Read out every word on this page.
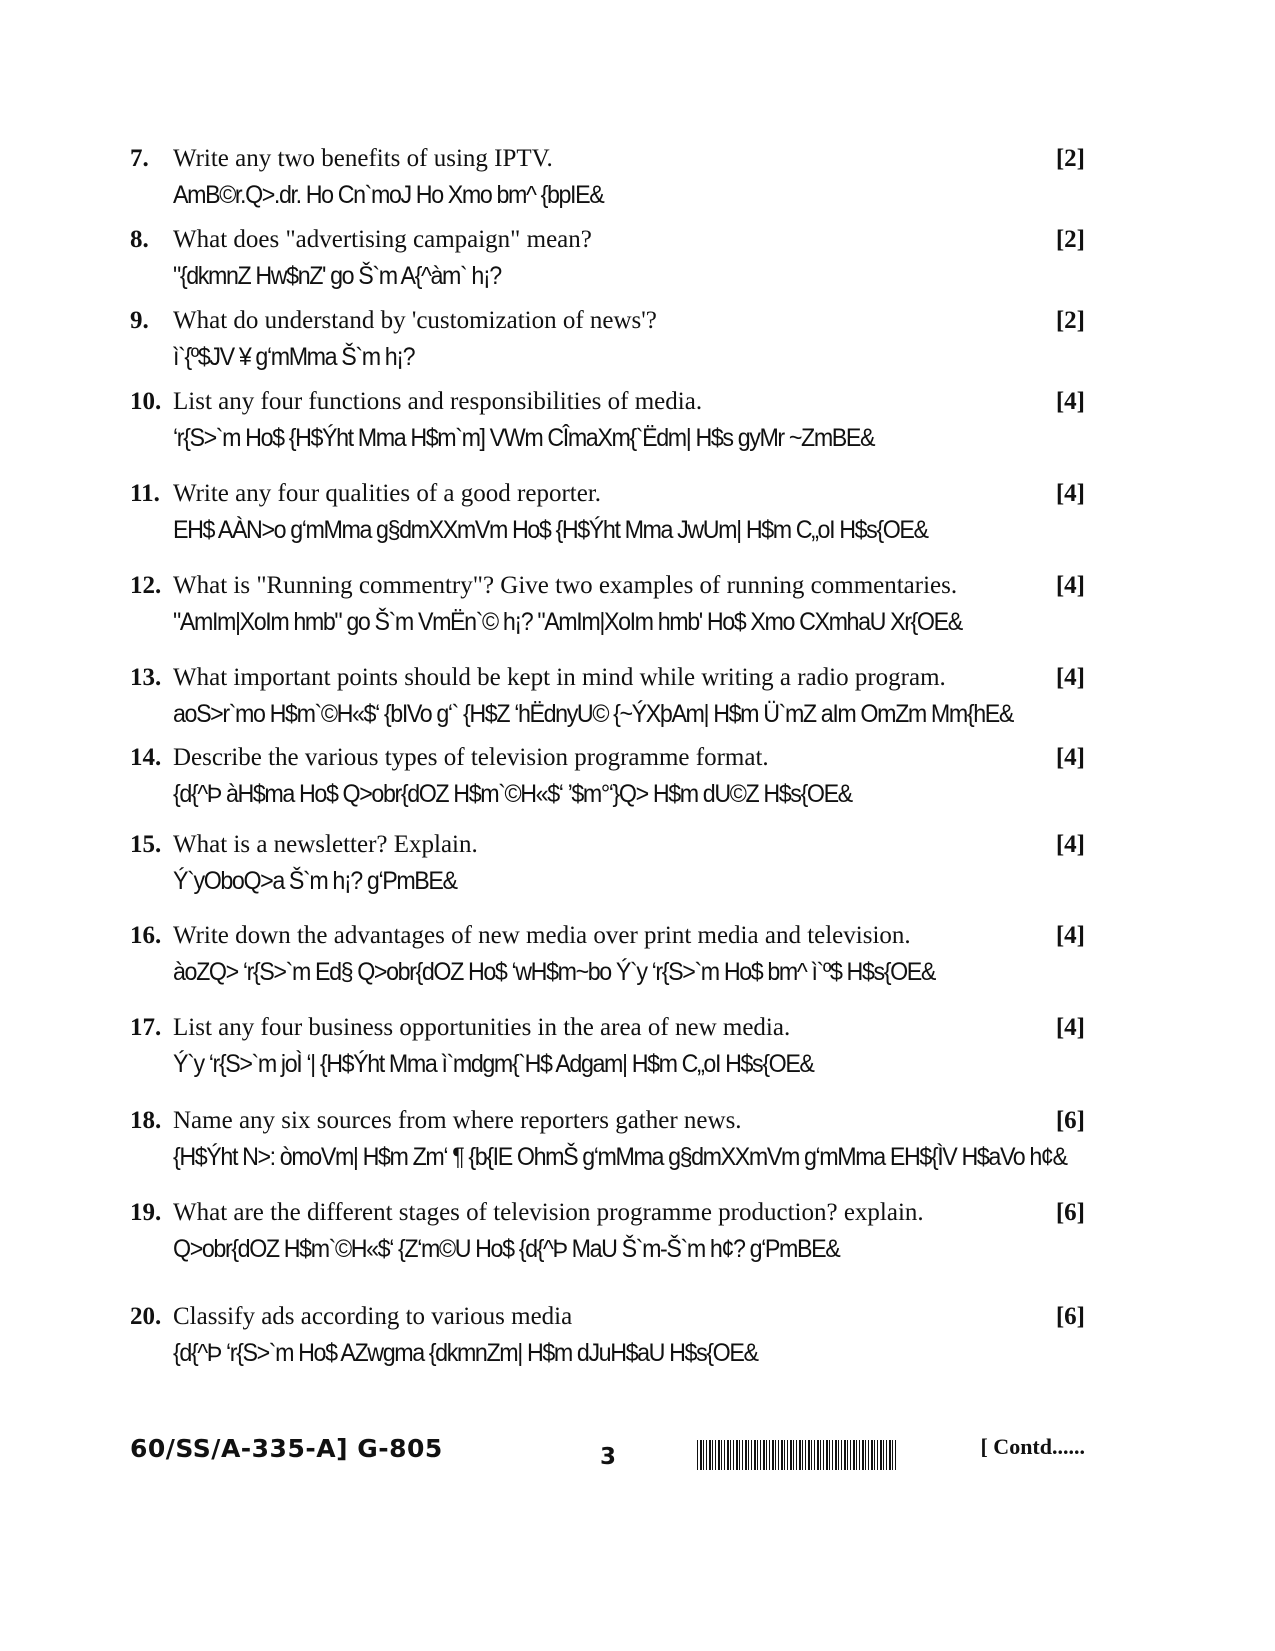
7. Write any two benefits of using IPTV.	[2]
AmB©r.Q>.dr. Ho Cn`moJ Ho Xmo bm^ {bpIE&
8. What does "advertising campaign" mean?	[2]
"{dkmnZ Hw$nZ' go Š`m A{^àm` h¡?
9. What do understand by 'customization of news'?	[2]
ì`{º$JV ¥ g‘mMma Š`m h¡?
10. List any four functions and responsibilities of media.	[4]
‘r{S>`m Ho$ {H$Ýht Mma H$m`m] VWm CÎmaXm{`Ëdm| H$s gyMr ~ZmBE&
11. Write any four qualities of a good reporter.	[4]
EH$ AÀN>o g‘mMma g§dmXXmVm Ho$ {H$Ýht Mma JwUm| H$m C„oI H$s{OE&
12. What is "Running commentry"? Give two examples of running commentaries.	[4]
"AmIm|XoIm hmb" go Š`m VmËn`© h¡? "AmIm|XoIm hmb' Ho$ Xmo CXmhaU Xr{OE&
13. What important points should be kept in mind while writing a radio program.	[4]
aoS>r`mo H$m`©H«$‘ {bIVo g‘` {H$Z ‘hËdnyU© {~ÝXþAm| H$m Ü`mZ aIm OmZm Mm{hE&
14. Describe the various types of television programme format.	[4]
{d{^Þ àH$ma Ho$ Q>obr{dOZ H$m`©H«$‘ ’$m°‘}Q> H$m dU©Z H$s{OE&
15. What is a newsletter? Explain.	[4]
Ý`yOboQ>a Š`m h¡? g‘PmBE&
16. Write down the advantages of new media over print media and television.	[4]
àoZQ> ‘r{S>`m Ed§ Q>obr{dOZ Ho$ ‘wH$m~bo Ý`y ‘r{S>`m Ho$ bm^ ì`º$ H$s{OE&
17. List any four business opportunities in the area of new media.	[4]
Ý`y ‘r{S>`m joÌ ‘| {H$Ýht Mma ì`mdgm{`H$ Adgam| H$m C„oI H$s{OE&
18. Name any six sources from where reporters gather news.	[6]
{H$Ýht N>: òmoVm| H$m Zm‘ ¶ {b{IE OhmŠ g‘mMma g§dmXXmVm g‘mMma EH${ÌV H$aVo h¢&
19. What are the different stages of television programme production? explain.	[6]
Q>obr{dOZ H$m`©H«$‘ {Z‘m©U Ho$ {d{^Þ MaU Š`m-Š`m h¢? g‘PmBE&
20. Classify ads according to various media	[6]
{d{^Þ ‘r{S>`m Ho$ AZwgma {dkmnZm| H$m dJuH$aU H$s{OE&
60/SS/A-335-A] G-805	3	[ Contd......
